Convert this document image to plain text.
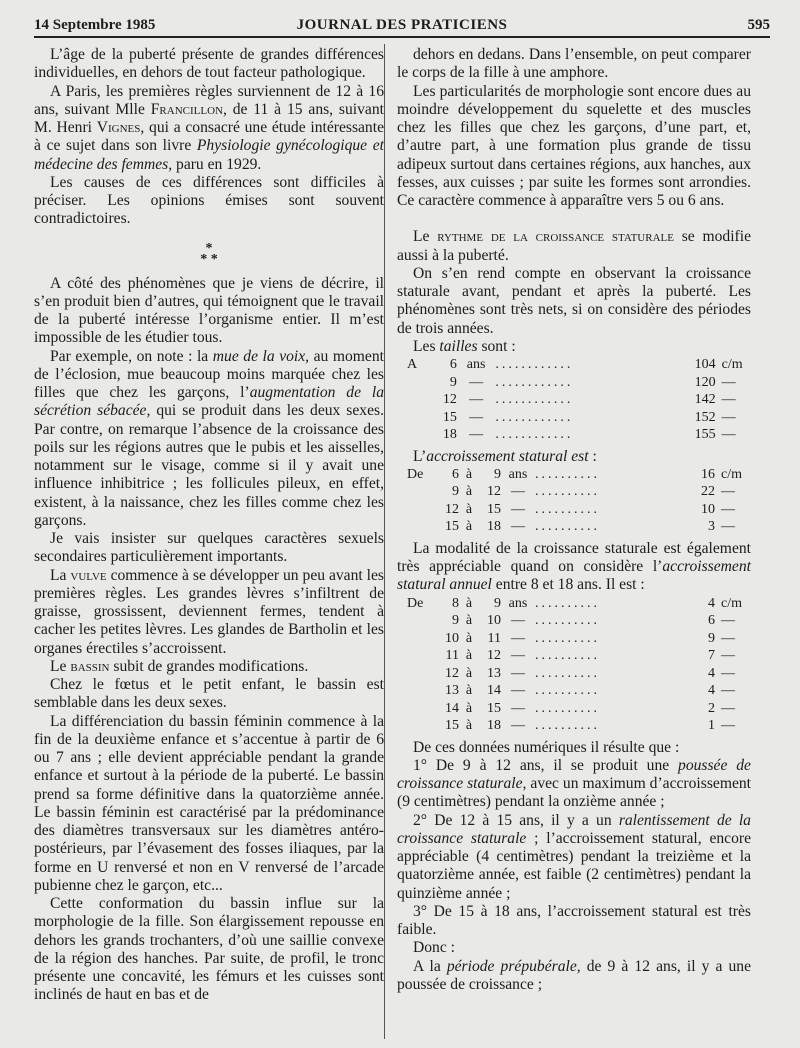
14 Septembre 1985	JOURNAL DES PRATICIENS	595

L’âge de la puberté présente de grandes différences individuelles, en dehors de tout facteur pathologique.

A Paris, les premières règles surviennent de 12 à 16 ans, suivant Mlle Francillon, de 11 à 15 ans, suivant M. Henri Vignes, qui a consacré une étude intéressante à ce sujet dans son livre Physiologie gynécologique et médecine des femmes, paru en 1929.

Les causes de ces différences sont difficiles à préciser. Les opinions émises sont souvent contradictoires.

*
* *

A côté des phénomènes que je viens de décrire, il s’en produit bien d’autres, qui témoignent que le travail de la puberté intéresse l’organisme entier. Il m’est impossible de les étudier tous.

Par exemple, on note : la mue de la voix, au moment de l’éclosion, mue beaucoup moins marquée chez les filles que chez les garçons, l’augmentation de la sécrétion sébacée, qui se produit dans les deux sexes. Par contre, on remarque l’absence de la croissance des poils sur les régions autres que le pubis et les aisselles, notamment sur le visage, comme si il y avait une influence inhibitrice ; les follicules pileux, en effet, existent, à la naissance, chez les filles comme chez les garçons.

Je vais insister sur quelques caractères sexuels secondaires particulièrement importants.

La vulve commence à se développer un peu avant les premières règles. Les grandes lèvres s’infiltrent de graisse, grossissent, deviennent fermes, tendent à cacher les petites lèvres. Les glandes de Bartholin et les organes érectiles s’accroissent.

Le bassin subit de grandes modifications.

Chez le fœtus et le petit enfant, le bassin est semblable dans les deux sexes.

La différenciation du bassin féminin commence à la fin de la deuxième enfance et s’accentue à partir de 6 ou 7 ans ; elle devient appréciable pendant la grande enfance et surtout à la période de la puberté. Le bassin prend sa forme définitive dans la quatorzième année. Le bassin féminin est caractérisé par la prédominance des diamètres transversaux sur les diamètres antéro-postérieurs, par l’évasement des fosses iliaques, par la forme en U renversé et non en V renversé de l’arcade pubienne chez le garçon, etc...

Cette conformation du bassin influe sur la morphologie de la fille. Son élargissement repousse en dehors les grands trochanters, d’où une saillie convexe de la région des hanches. Par suite, de profil, le tronc présente une concavité, les fémurs et les cuisses sont inclinés de haut en bas et de

dehors en dedans. Dans l’ensemble, on peut comparer le corps de la fille à une amphore.

Les particularités de morphologie sont encore dues au moindre développement du squelette et des muscles chez les filles que chez les garçons, d’une part, et, d’autre part, à une formation plus grande de tissu adipeux surtout dans certaines régions, aux hanches, aux fesses, aux cuisses ; par suite les formes sont arrondies. Ce caractère commence à apparaître vers 5 ou 6 ans.

Le rythme de la croissance staturale se modifie aussi à la puberté.

On s’en rend compte en observant la croissance staturale avant, pendant et après la puberté. Les phénomènes sont très nets, si on considère des périodes de trois années.

Les tailles sont :

A	6	ans	............	104	c/m
	9	—	............	120	—
	12	—	............	142	—
	15	—	............	152	—
	18	—	............	155	—

L’accroissement statural est :

De	6	à	9	ans	..........	16	c/m
	9	à	12	—	..........	22	—
	12	à	15	—	..........	10	—
	15	à	18	—	..........	3	—

La modalité de la croissance staturale est également très appréciable quand on considère l’accroissement statural annuel entre 8 et 18 ans. Il est :

De	8	à	9	ans	..........	4	c/m
	9	à	10	—	..........	6	—
	10	à	11	—	..........	9	—
	11	à	12	—	..........	7	—
	12	à	13	—	..........	4	—
	13	à	14	—	..........	4	—
	14	à	15	—	..........	2	—
	15	à	18	—	..........	1	—

De ces données numériques il résulte que :

1° De 9 à 12 ans, il se produit une poussée de croissance staturale, avec un maximum d’accroissement (9 centimètres) pendant la onzième année ;

2° De 12 à 15 ans, il y a un ralentissement de la croissance staturale ; l’accroissement statural, encore appréciable (4 centimètres) pendant la treizième et la quatorzième année, est faible (2 centimètres) pendant la quinzième année ;

3° De 15 à 18 ans, l’accroissement statural est très faible.

Donc :

A la période prépubérale, de 9 à 12 ans, il y a une poussée de croissance ;
